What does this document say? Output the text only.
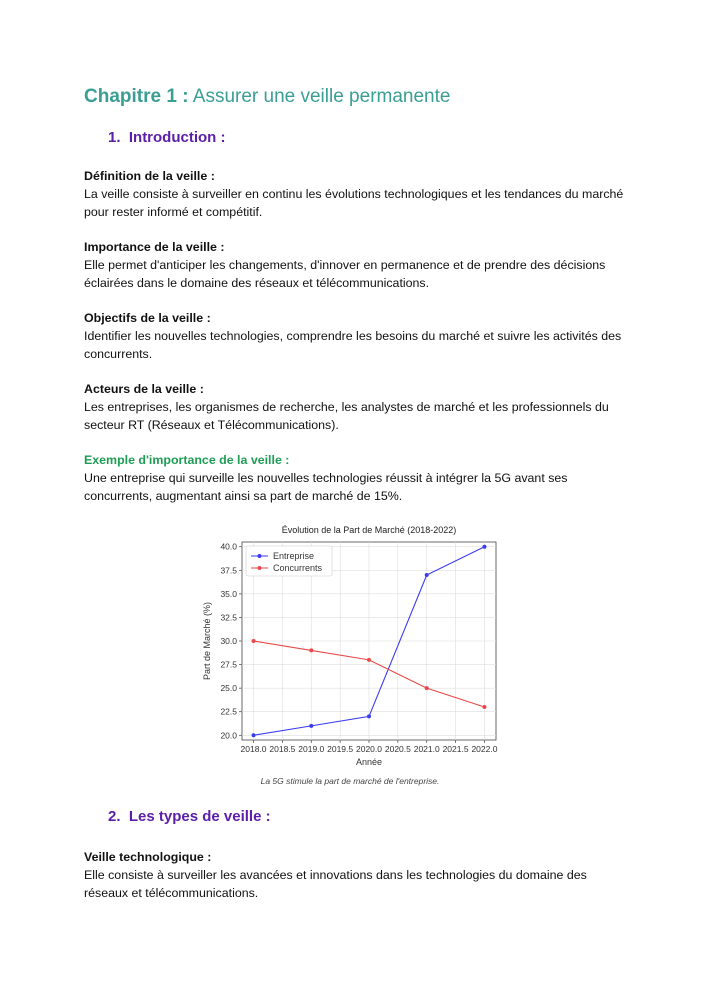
Chapitre 1 : Assurer une veille permanente
1. Introduction :
Définition de la veille :

La veille consiste à surveiller en continu les évolutions technologiques et les tendances du marché pour rester informé et compétitif.

Importance de la veille :

Elle permet d'anticiper les changements, d'innover en permanence et de prendre des décisions éclairées dans le domaine des réseaux et télécommunications.

Objectifs de la veille :

Identifier les nouvelles technologies, comprendre les besoins du marché et suivre les activités des concurrents.

Acteurs de la veille :

Les entreprises, les organismes de recherche, les analystes de marché et les professionnels du secteur RT (Réseaux et Télécommunications).

Exemple d'importance de la veille :

Une entreprise qui surveille les nouvelles technologies réussit à intégrer la 5G avant ses concurrents, augmentant ainsi sa part de marché de 15%.

20.0
22.5
25.0
27.5
30.0
32.5
35.0
37.5
40.0
2018.0 2018.5 2019.0 2019.5 2020.0 2020.5 2021.0 2021.5 2022.0
Évolution de la Part de Marché (2018-2022)
Année
Part de Marché (%)
Entreprise
Concurrents
La 5G stimule la part de marché de l'entreprise.
2. Les types de veille :
Veille technologique :

Elle consiste à surveiller les avancées et innovations dans les technologies du domaine des réseaux et télécommunications.
